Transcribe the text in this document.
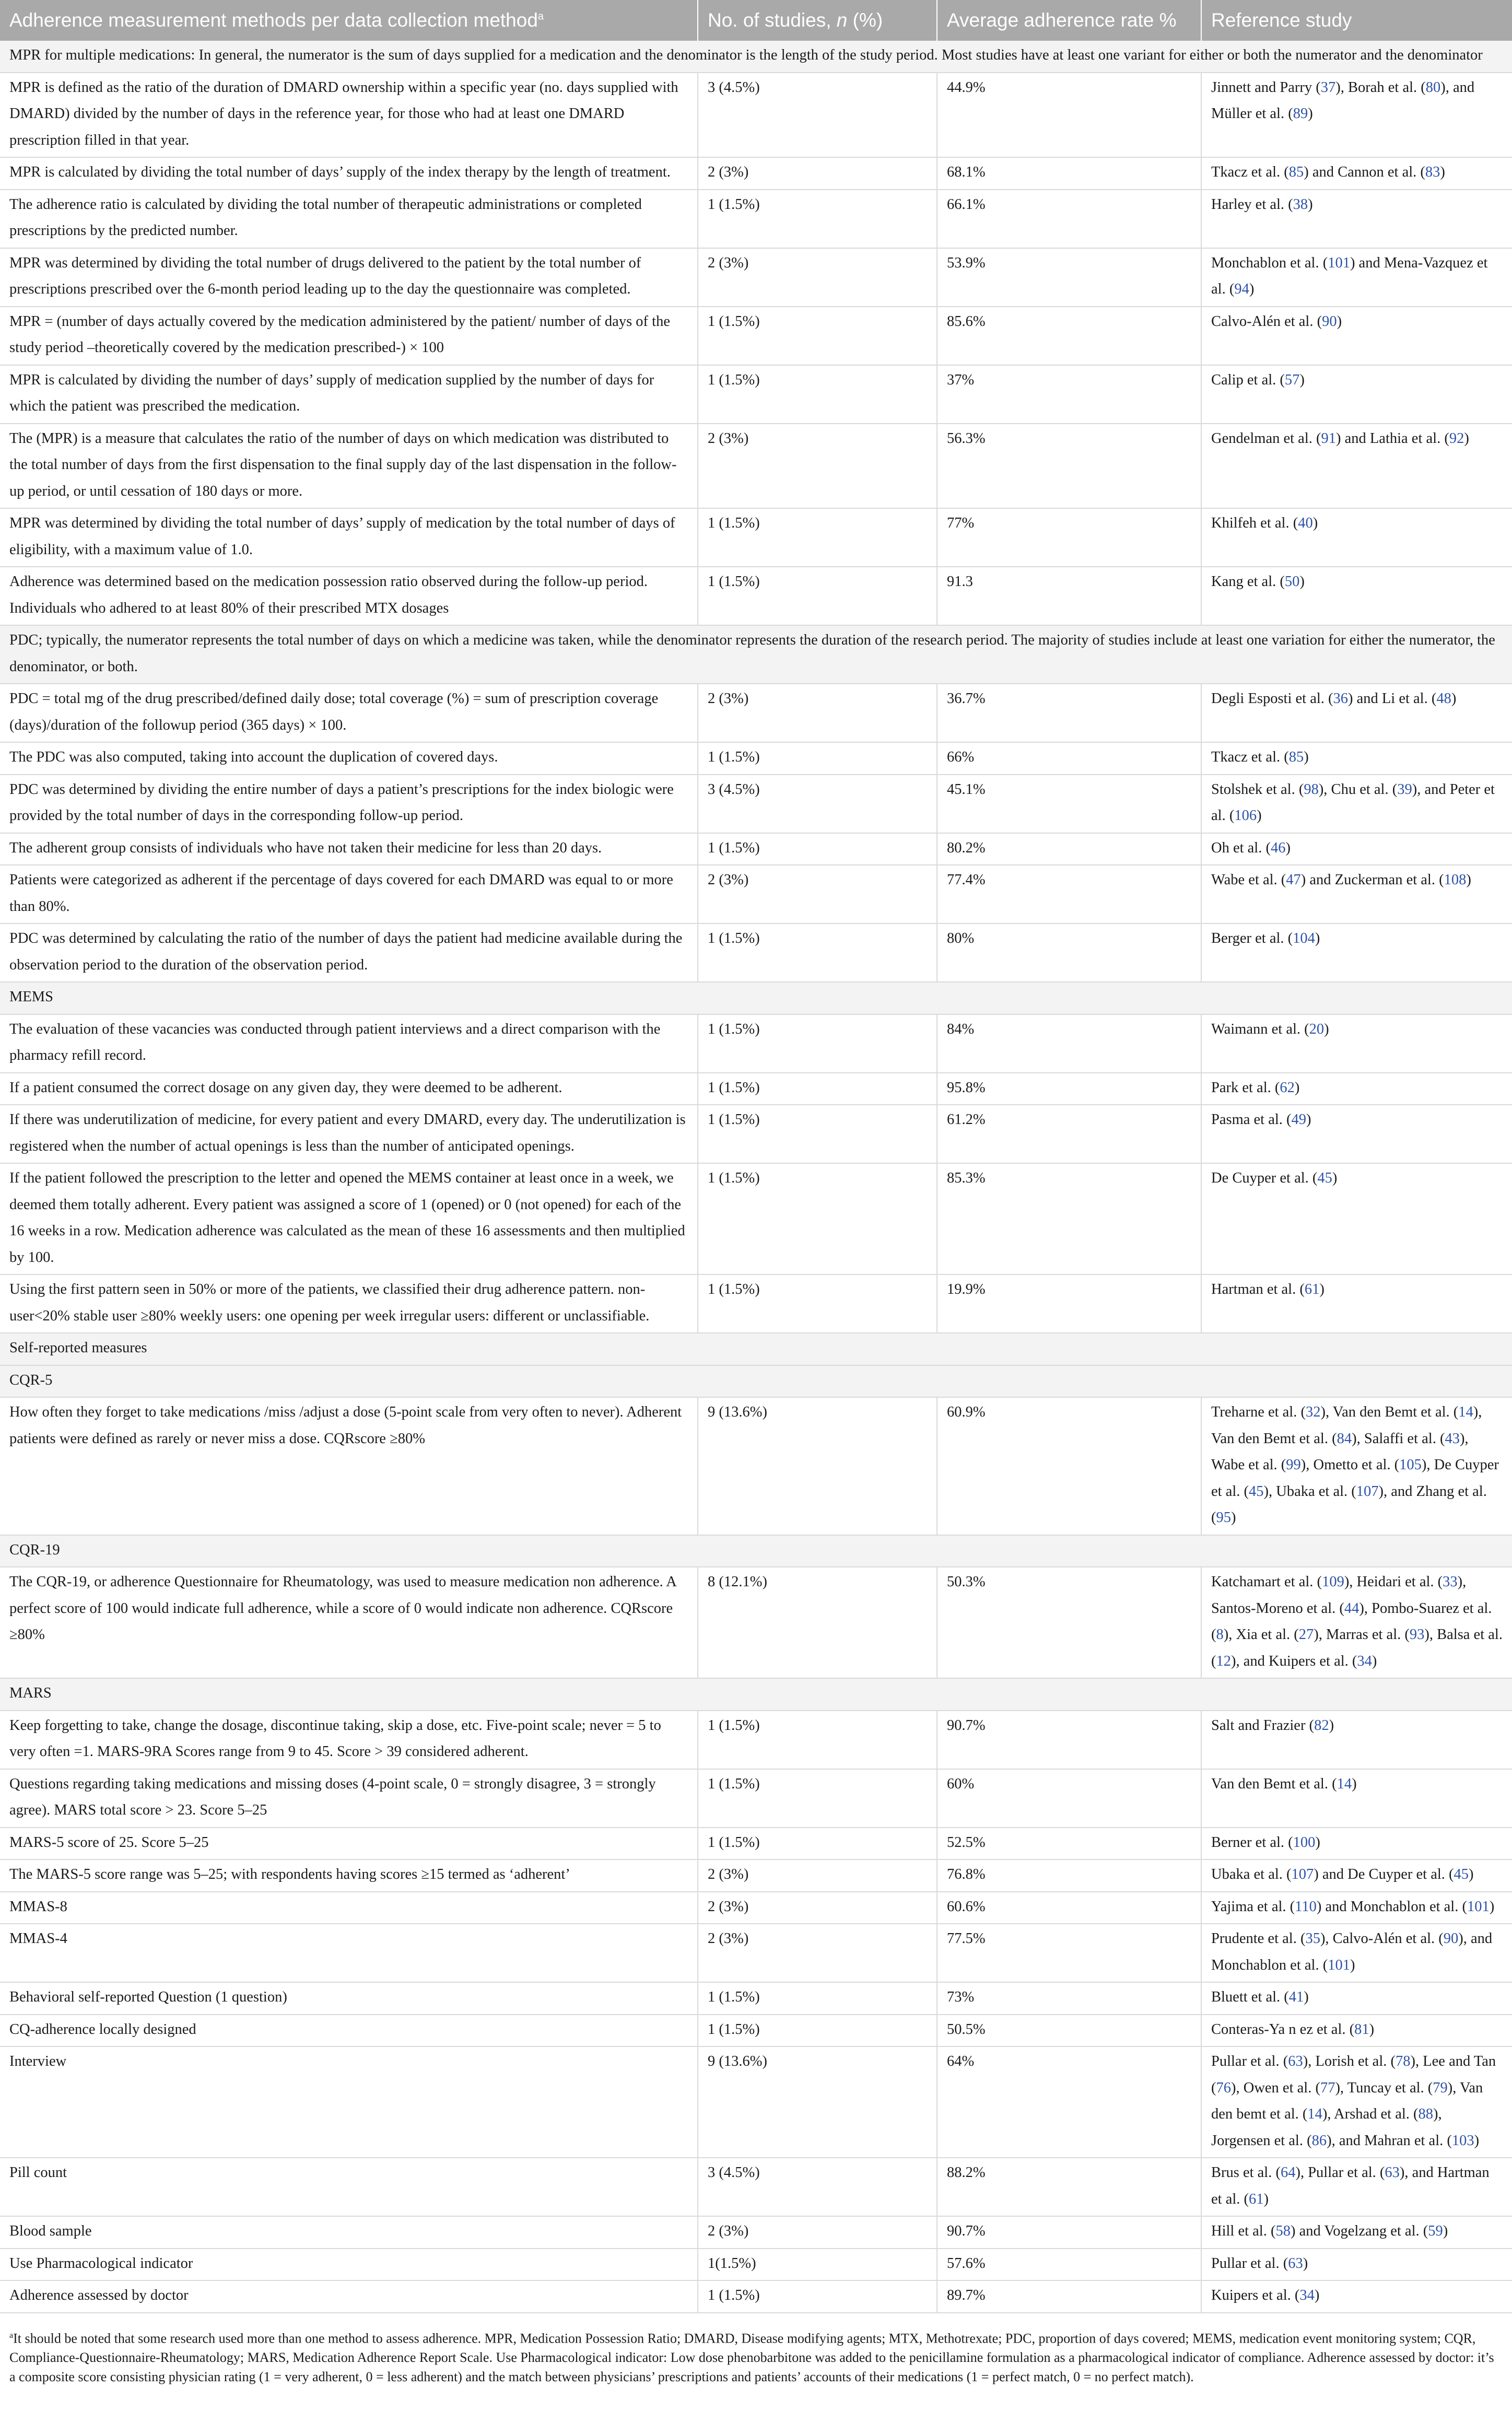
Adherence measurement methods per data collection method$^a$	No. of studies, n (%)	Average adherence rate %	Reference study
MPR for multiple medications: In general, the numerator is the sum of days supplied for a medication and the denominator is the length of the study period. Most studies have at least one variant for either or both the numerator and the denominator			
MPR is defined as the ratio of the duration of DMARD ownership within a specific year (no. days supplied with DMARD) divided by the number of days in the reference year, for those who had at least one DMARD prescription filled in that year.	3 (4.5%)	44.9%	Jinnett and Parry (37), Borah et al. (80), and Müller et al. (89)
MPR is calculated by dividing the total number of days’ supply of the index therapy by the length of treatment.	2 (3%)	68.1%	Tkacz et al. (85) and Cannon et al. (83)
The adherence ratio is calculated by dividing the total number of therapeutic administrations or completed prescriptions by the predicted number.	1 (1.5%)	66.1%	Harley et al. (38)
MPR was determined by dividing the total number of drugs delivered to the patient by the total number of prescriptions prescribed over the 6-month period leading up to the day the questionnaire was completed.	2 (3%)	53.9%	Monchablon et al. (101) and Mena-Vazquez et al. (94)
MPR = (number of days actually covered by the medication administered by the patient/ number of days of the study period –theoretically covered by the medication prescribed-) × 100	1 (1.5%)	85.6%	Calvo-Alén et al. (90)
MPR is calculated by dividing the number of days’ supply of medication supplied by the number of days for which the patient was prescribed the medication.	1 (1.5%)	37%	Calip et al. (57)
The (MPR) is a measure that calculates the ratio of the number of days on which medication was distributed to the total number of days from the first dispensation to the final supply day of the last dispensation in the follow-up period, or until cessation of 180 days or more.	2 (3%)	56.3%	Gendelman et al. (91) and Lathia et al. (92)
MPR was determined by dividing the total number of days’ supply of medication by the total number of days of eligibility, with a maximum value of 1.0.	1 (1.5%)	77%	Khilfeh et al. (40)
Adherence was determined based on the medication possession ratio observed during the follow-up period. Individuals who adhered to at least 80% of their prescribed MTX dosages	1 (1.5%)	91.3	Kang et al. (50)
PDC; typically, the numerator represents the total number of days on which a medicine was taken, while the denominator represents the duration of the research period. The majority of studies include at least one variation for either the numerator, the denominator, or both.			
PDC = total mg of the drug prescribed/defined daily dose; total coverage (%) = sum of prescription coverage (days)/duration of the followup period (365 days) × 100.	2 (3%)	36.7%	Degli Esposti et al. (36) and Li et al. (48)
The PDC was also computed, taking into account the duplication of covered days.	1 (1.5%)	66%	Tkacz et al. (85)
PDC was determined by dividing the entire number of days a patient’s prescriptions for the index biologic were provided by the total number of days in the corresponding follow-up period.	3 (4.5%)	45.1%	Stolshek et al. (98), Chu et al. (39), and Peter et al. (106)
The adherent group consists of individuals who have not taken their medicine for less than 20 days.	1 (1.5%)	80.2%	Oh et al. (46)
Patients were categorized as adherent if the percentage of days covered for each DMARD was equal to or more than 80%.	2 (3%)	77.4%	Wabe et al. (47) and Zuckerman et al. (108)
PDC was determined by calculating the ratio of the number of days the patient had medicine available during the observation period to the duration of the observation period.	1 (1.5%)	80%	Berger et al. (104)
MEMS			
The evaluation of these vacancies was conducted through patient interviews and a direct comparison with the pharmacy refill record.	1 (1.5%)	84%	Waimann et al. (20)
If a patient consumed the correct dosage on any given day, they were deemed to be adherent.	1 (1.5%)	95.8%	Park et al. (62)
If there was underutilization of medicine, for every patient and every DMARD, every day. The underutilization is registered when the number of actual openings is less than the number of anticipated openings.	1 (1.5%)	61.2%	Pasma et al. (49)
If the patient followed the prescription to the letter and opened the MEMS container at least once in a week, we deemed them totally adherent. Every patient was assigned a score of 1 (opened) or 0 (not opened) for each of the 16 weeks in a row. Medication adherence was calculated as the mean of these 16 assessments and then multiplied by 100.	1 (1.5%)	85.3%	De Cuyper et al. (45)
Using the first pattern seen in 50% or more of the patients, we classified their drug adherence pattern. non-user<20% stable user ≥80% weekly users: one opening per week irregular users: different or unclassifiable.	1 (1.5%)	19.9%	Hartman et al. (61)
Self-reported measures			
CQR-5			
How often they forget to take medications /miss /adjust a dose (5-point scale from very often to never). Adherent patients were defined as rarely or never miss a dose. CQRscore ≥80%	9 (13.6%)	60.9%	Treharne et al. (32), Van den Bemt et al. (14), Van den Bemt et al. (84), Salaffi et al. (43), Wabe et al. (99), Ometto et al. (105), De Cuyper et al. (45), Ubaka et al. (107), and Zhang et al. (95)
CQR-19			
The CQR-19, or adherence Questionnaire for Rheumatology, was used to measure medication non adherence. A perfect score of 100 would indicate full adherence, while a score of 0 would indicate non adherence. CQRscore ≥80%	8 (12.1%)	50.3%	Katchamart et al. (109), Heidari et al. (33), Santos-Moreno et al. (44), Pombo-Suarez et al. (8), Xia et al. (27), Marras et al. (93), Balsa et al. (12), and Kuipers et al. (34)
MARS			
Keep forgetting to take, change the dosage, discontinue taking, skip a dose, etc. Five-point scale; never = 5 to very often =1. MARS-9RA Scores range from 9 to 45. Score > 39 considered adherent.	1 (1.5%)	90.7%	Salt and Frazier (82)
Questions regarding taking medications and missing doses (4-point scale, 0 = strongly disagree, 3 = strongly agree). MARS total score > 23. Score 5–25	1 (1.5%)	60%	Van den Bemt et al. (14)
MARS-5 score of 25. Score 5–25	1 (1.5%)	52.5%	Berner et al. (100)
The MARS-5 score range was 5–25; with respondents having scores ≥15 termed as ‘adherent’	2 (3%)	76.8%	Ubaka et al. (107) and De Cuyper et al. (45)
MMAS-8	2 (3%)	60.6%	Yajima et al. (110) and Monchablon et al. (101)
MMAS-4	2 (3%)	77.5%	Prudente et al. (35), Calvo-Alén et al. (90), and Monchablon et al. (101)
Behavioral self-reported Question (1 question)	1 (1.5%)	73%	Bluett et al. (41)
CQ-adherence locally designed	1 (1.5%)	50.5%	Conteras-Ya n ez et al. (81)
Interview	9 (13.6%)	64%	Pullar et al. (63), Lorish et al. (78), Lee and Tan (76), Owen et al. (77), Tuncay et al. (79), Van den bemt et al. (14), Arshad et al. (88), Jorgensen et al. (86), and Mahran et al. (103)
Pill count	3 (4.5%)	88.2%	Brus et al. (64), Pullar et al. (63), and Hartman et al. (61)
Blood sample	2 (3%)	90.7%	Hill et al. (58) and Vogelzang et al. (59)
Use Pharmacological indicator	1(1.5%)	57.6%	Pullar et al. (63)
Adherence assessed by doctor	1 (1.5%)	89.7%	Kuipers et al. (34)
$^a$It should be noted that some research used more than one method to assess adherence. MPR, Medication Possession Ratio; DMARD, Disease modifying agents; MTX, Methotrexate; PDC, proportion of days covered; MEMS, medication event monitoring system; CQR, Compliance-Questionnaire-Rheumatology; MARS, Medication Adherence Report Scale. Use Pharmacological indicator: Low dose phenobarbitone was added to the penicillamine formulation as a pharmacological indicator of compliance. Adherence assessed by doctor: it’s a composite score consisting physician rating (1 = very adherent, 0 = less adherent) and the match between physicians’ prescriptions and patients’ accounts of their medications (1 = perfect match, 0 = no perfect match).
